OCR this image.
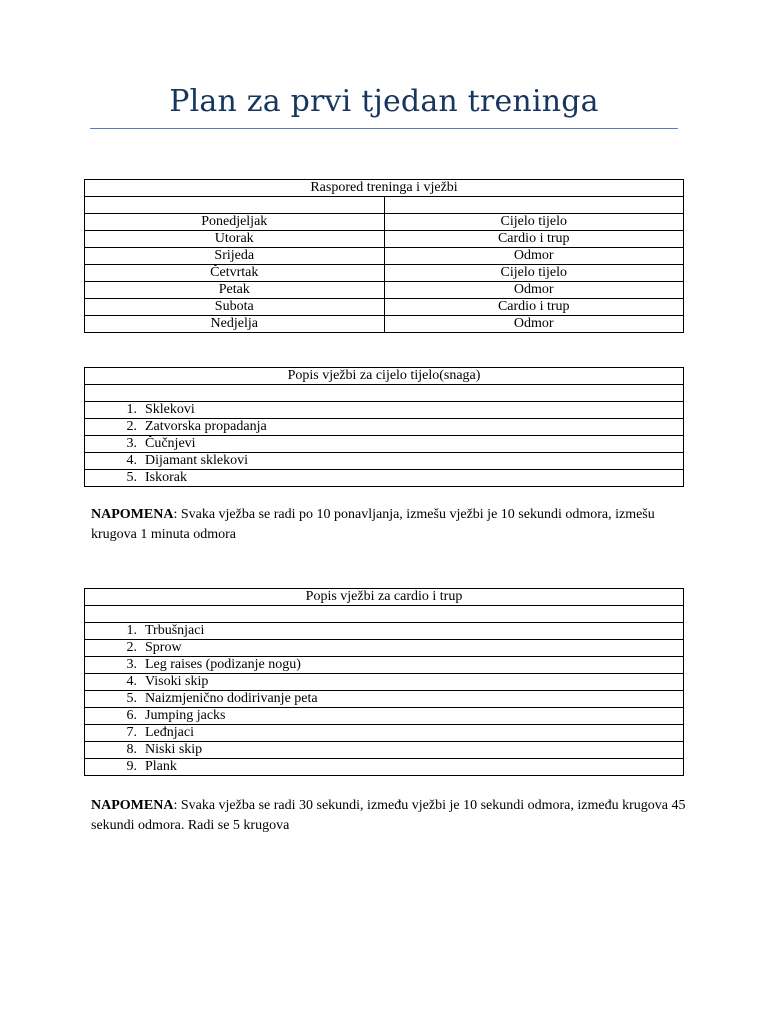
Plan za prvi tjedan treninga
Raspored treninga i vježbi	

Ponedjeljak	Cijelo tijelo
Utorak	Cardio i trup
Srijeda	Odmor
Četvrtak	Cijelo tijelo
Petak	Odmor
Subota	Cardio i trup
Nedjelja	Odmor
Popis vježbi za cijelo tijelo(snaga)

1. Sklekovi
2. Zatvorska propadanja
3. Čučnjevi
4. Dijamant sklekovi
5. Iskorak
NAPOMENA: Svaka vježba se radi po 10 ponavljanja, izmešu vježbi je 10 sekundi odmora, izmešu krugova 1 minuta odmora
Popis vježbi za cardio i trup

1. Trbušnjaci
2. Sprow
3. Leg raises (podizanje nogu)
4. Visoki skip
5. Naizmjenično dodirivanje peta
6. Jumping jacks
7. Leđnjaci
8. Niski skip
9. Plank
NAPOMENA: Svaka vježba se radi 30 sekundi, između vježbi je 10 sekundi odmora, između krugova 45 sekundi odmora. Radi se 5 krugova
